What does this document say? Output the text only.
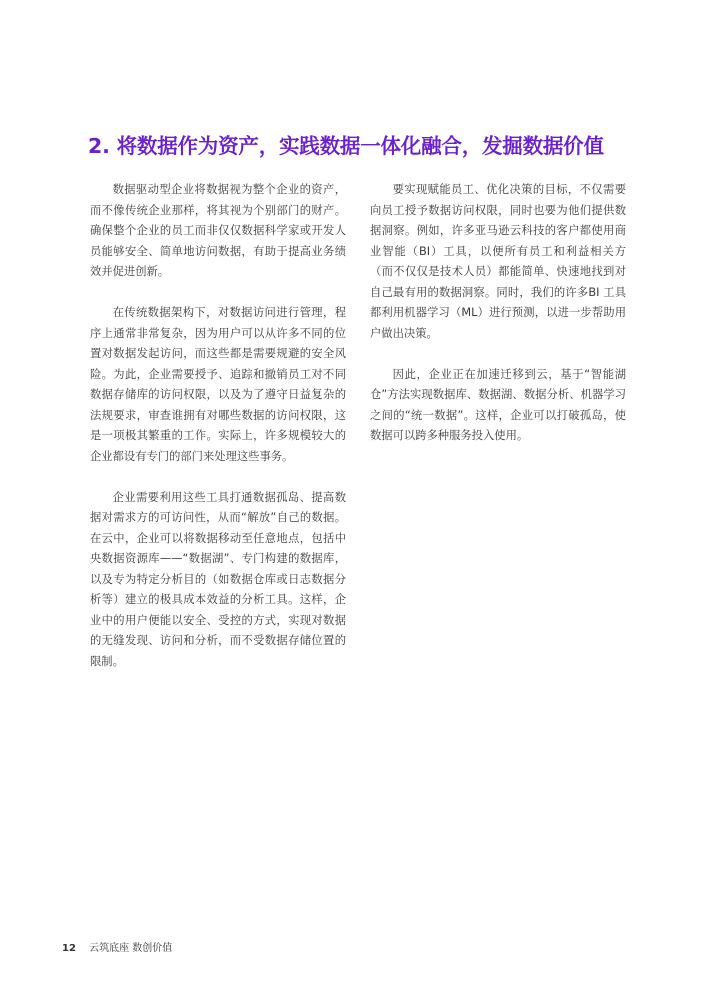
2. 将数据作为资产，实践数据一体化融合，发掘数据价值

数据驱动型企业将数据视为整个企业的资产，而不像传统企业那样，将其视为个别部门的财产。确保整个企业的员工而非仅仅数据科学家或开发人员能够安全、简单地访问数据，有助于提高业务绩效并促进创新。

在传统数据架构下，对数据访问进行管理，程序上通常非常复杂，因为用户可以从许多不同的位置对数据发起访问，而这些都是需要规避的安全风险。为此，企业需要授予、追踪和撤销员工对不同数据存储库的访问权限，以及为了遵守日益复杂的法规要求，审查谁拥有对哪些数据的访问权限，这是一项极其繁重的工作。实际上，许多规模较大的企业都设有专门的部门来处理这些事务。

企业需要利用这些工具打通数据孤岛、提高数据对需求方的可访问性，从而“解放”自己的数据。在云中，企业可以将数据移动至任意地点，包括中央数据资源库——“数据湖”、专门构建的数据库，以及专为特定分析目的（如数据仓库或日志数据分析等）建立的极具成本效益的分析工具。这样，企业中的用户便能以安全、受控的方式，实现对数据的无缝发现、访问和分析，而不受数据存储位置的限制。

要实现赋能员工、优化决策的目标，不仅需要向员工授予数据访问权限，同时也要为他们提供数据洞察。例如，许多亚马逊云科技的客户都使用商业智能（BI）工具，以便所有员工和利益相关方（而不仅仅是技术人员）都能简单、快速地找到对自己最有用的数据洞察。同时，我们的许多BI 工具都利用机器学习（ML）进行预测，以进一步帮助用户做出决策。

因此，企业正在加速迁移到云，基于“智能湖仓”方法实现数据库、数据湖、数据分析、机器学习之间的“统一数据”。这样，企业可以打破孤岛，使数据可以跨多种服务投入使用。

12 云筑底座 数创价值
